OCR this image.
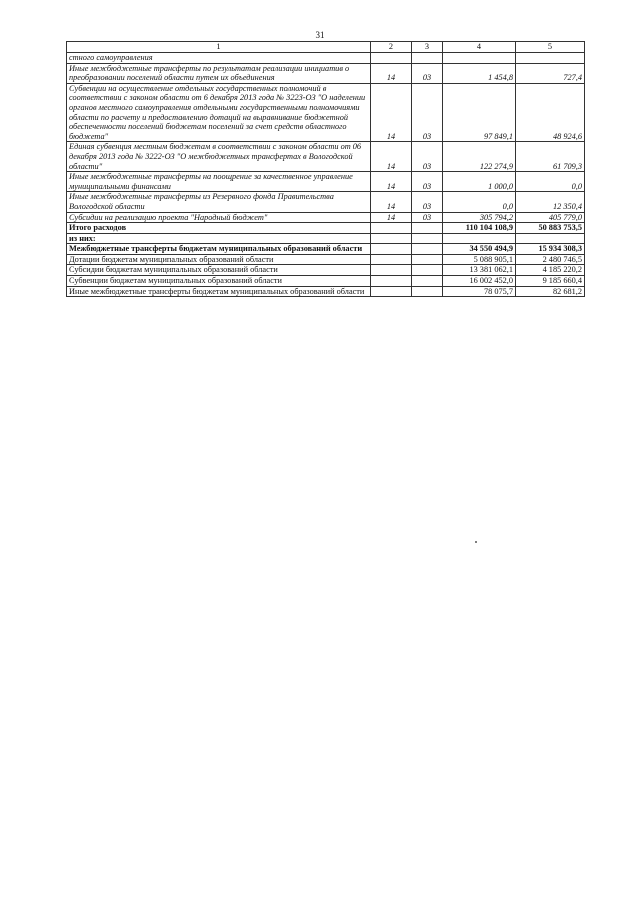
31
1	2	3	4	5
стного самоуправления				
Иные межбюджетные трансферты по результатам реализации инициатив о преобразовании поселений области путем их объединения	14	03	1 454,8	727,4
Субвенции на осуществление отдельных государственных полномочий в соответствии с законом области от 6 декабря 2013 года № 3223-ОЗ "О наделении органов местного самоуправления отдельными государственными полномочиями области по расчету и предоставлению дотаций на выравнивание бюджетной обеспеченности поселений бюджетам поселений за счет средств областного бюджета"	14	03	97 849,1	48 924,6
Единая субвенция местным бюджетам в соответствии с законом области от 06 декабря 2013 года № 3222-ОЗ "О межбюджетных трансфертах в Вологодской области"	14	03	122 274,9	61 709,3
Иные межбюджетные трансферты на поощрение за качественное управление муниципальными финансами	14	03	1 000,0	0,0
Иные межбюджетные трансферты из Резервного фонда Правительства Вологодской области	14	03	0,0	12 350,4
Субсидии на реализацию проекта "Народный бюджет"	14	03	305 794,2	405 779,0
Итого расходов			110 104 108,9	50 883 753,5
из них:				
Межбюджетные трансферты бюджетам муниципальных образований области			34 550 494,9	15 934 308,3
Дотации бюджетам муниципальных образований области			5 088 905,1	2 480 746,5
Субсидии бюджетам муниципальных образований области			13 381 062,1	4 185 220,2
Субвенции бюджетам муниципальных образований области			16 002 452,0	9 185 660,4
Иные межбюджетные трансферты бюджетам муниципальных образований области			78 075,7	82 681,2
